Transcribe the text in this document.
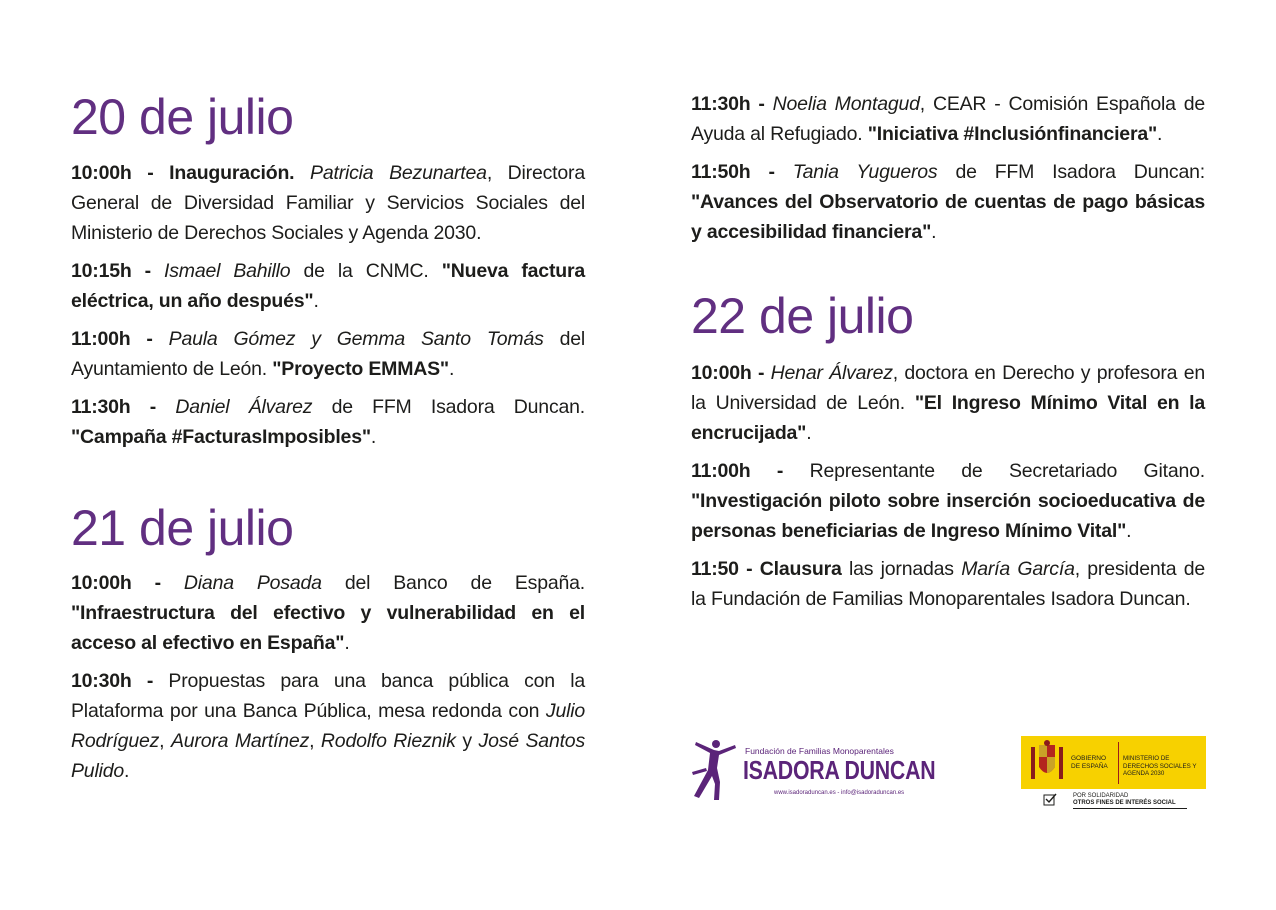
20 de julio

10:00h - Inauguración. Patricia Bezunartea, Directora General de Diversidad Familiar y Servicios Sociales del Ministerio de Derechos Sociales y Agenda 2030.

10:15h - Ismael Bahillo de la CNMC. "Nueva factura eléctrica, un año después".

11:00h - Paula Gómez y Gemma Santo Tomás del Ayuntamiento de León. "Proyecto EMMAS".

11:30h - Daniel Álvarez de FFM Isadora Duncan. "Campaña #FacturasImposibles".

21 de julio

10:00h - Diana Posada del Banco de España. "Infraestructura del efectivo y vulnerabilidad en el acceso al efectivo en España".

10:30h - Propuestas para una banca pública con la Plataforma por una Banca Pública, mesa redonda con Julio Rodríguez, Aurora Martínez, Rodolfo Rieznik y José Santos Pulido.

11:30h - Noelia Montagud, CEAR - Comisión Española de Ayuda al Refugiado. "Iniciativa #Inclusiónfinanciera".

11:50h - Tania Yugueros de FFM Isadora Duncan: "Avances del Observatorio de cuentas de pago básicas y accesibilidad financiera".

22 de julio

10:00h - Henar Álvarez, doctora en Derecho y profesora en la Universidad de León. "El Ingreso Mínimo Vital en la encrucijada".

11:00h - Representante de Secretariado Gitano. "Investigación piloto sobre inserción socioeducativa de personas beneficiarias de Ingreso Mínimo Vital".

11:50 - Clausura las jornadas María García, presidenta de la Fundación de Familias Monoparentales Isadora Duncan.

Fundación de Familias Monoparentales
ISADORA DUNCAN
www.isadoraduncan.es - info@isadoraduncan.es
GOBIERNO DE ESPAÑA
MINISTERIO DE DERECHOS SOCIALES Y AGENDA 2030
POR SOLIDARIDAD
OTROS FINES DE INTERÉS SOCIAL
